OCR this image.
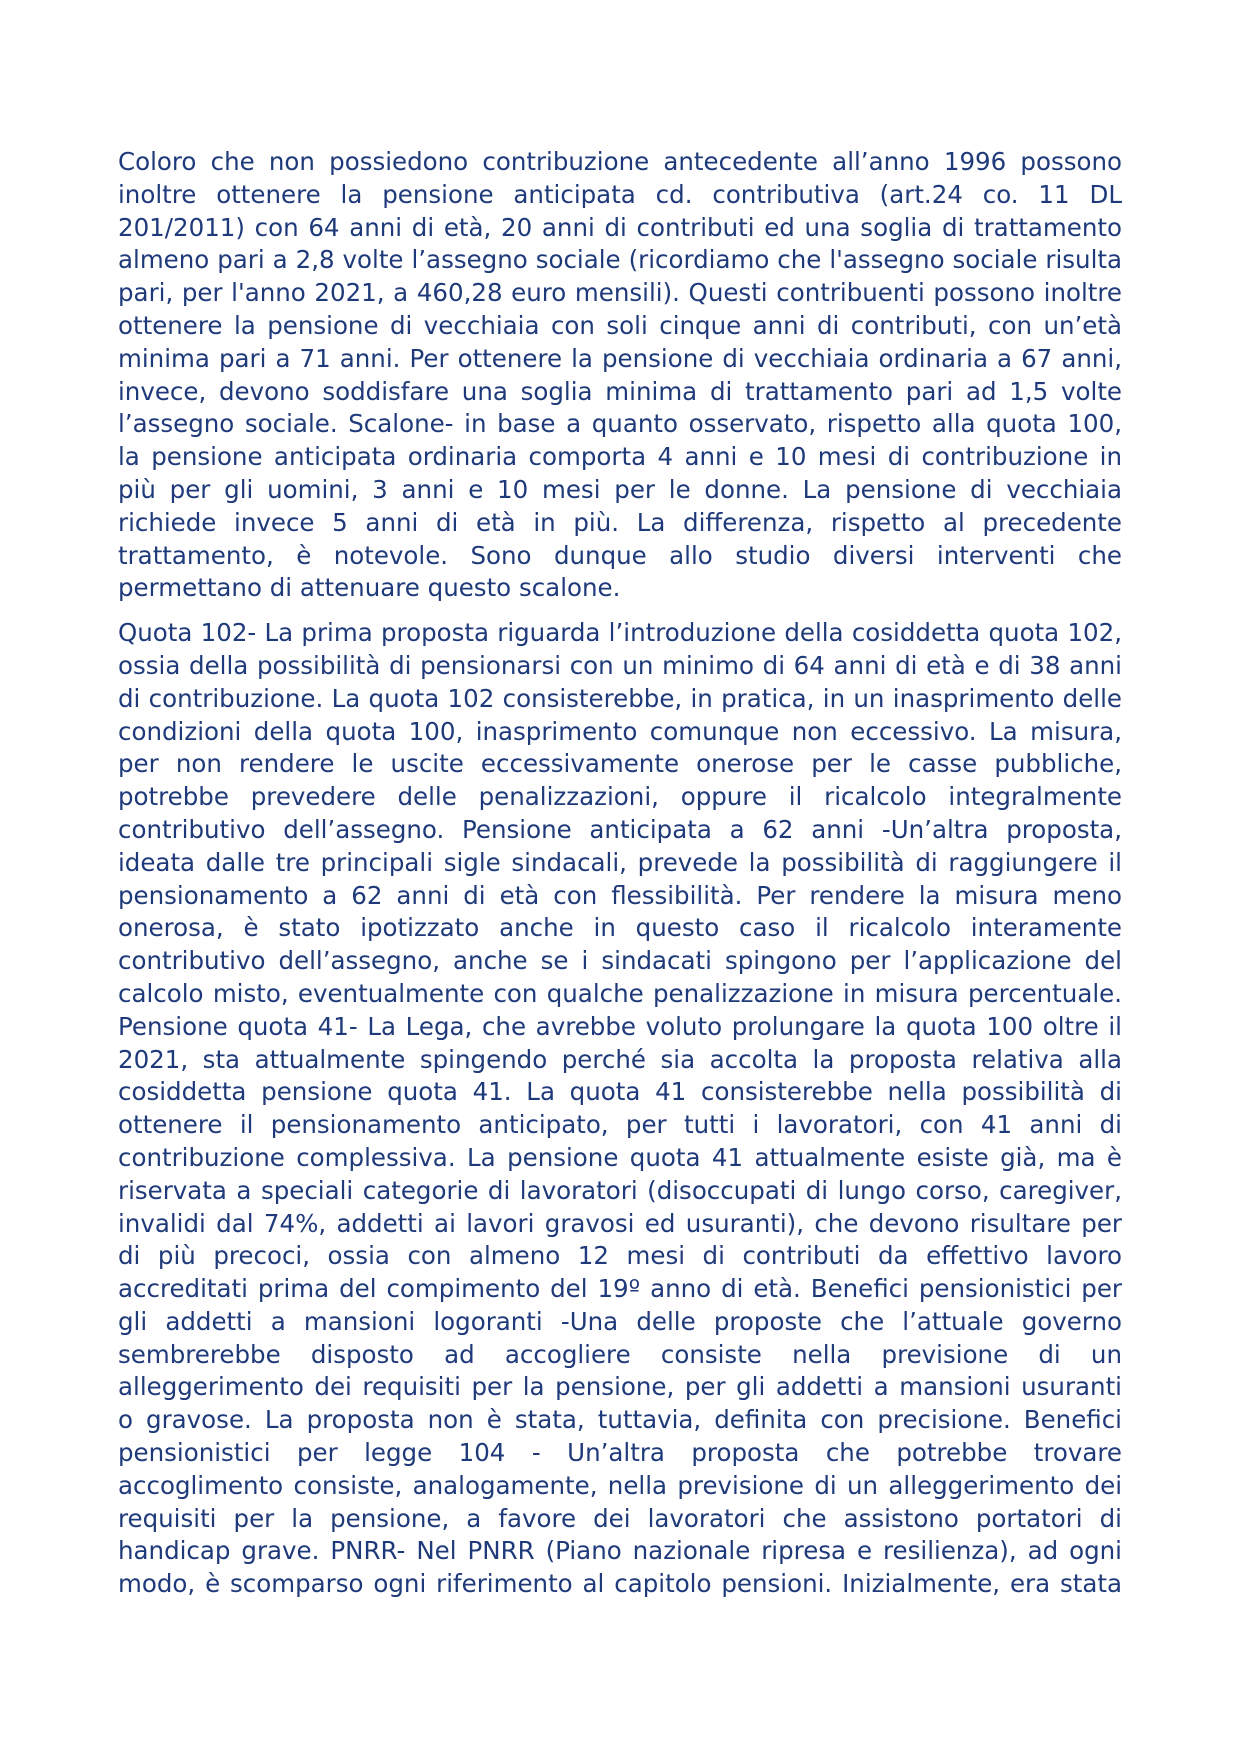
Coloro che non possiedono contribuzione antecedente all’anno 1996 possono
inoltre ottenere la pensione anticipata cd. contributiva (art.24 co. 11 DL
201/2011) con 64 anni di età, 20 anni di contributi ed una soglia di trattamento
almeno pari a 2,8 volte l’assegno sociale (ricordiamo che l'assegno sociale risulta
pari, per l'anno 2021, a 460,28 euro mensili). Questi contribuenti possono inoltre
ottenere la pensione di vecchiaia con soli cinque anni di contributi, con un’età
minima pari a 71 anni. Per ottenere la pensione di vecchiaia ordinaria a 67 anni,
invece, devono soddisfare una soglia minima di trattamento pari ad 1,5 volte
l’assegno sociale. Scalone- in base a quanto osservato, rispetto alla quota 100,
la pensione anticipata ordinaria comporta 4 anni e 10 mesi di contribuzione in
più per gli uomini, 3 anni e 10 mesi per le donne. La pensione di vecchiaia
richiede invece 5 anni di età in più. La differenza, rispetto al precedente
trattamento, è notevole. Sono dunque allo studio diversi interventi che
permettano di attenuare questo scalone.
Quota 102- La prima proposta riguarda l’introduzione della cosiddetta quota 102,
ossia della possibilità di pensionarsi con un minimo di 64 anni di età e di 38 anni
di contribuzione. La quota 102 consisterebbe, in pratica, in un inasprimento delle
condizioni della quota 100, inasprimento comunque non eccessivo. La misura,
per non rendere le uscite eccessivamente onerose per le casse pubbliche,
potrebbe prevedere delle penalizzazioni, oppure il ricalcolo integralmente
contributivo dell’assegno. Pensione anticipata a 62 anni -Un’altra proposta,
ideata dalle tre principali sigle sindacali, prevede la possibilità di raggiungere il
pensionamento a 62 anni di età con flessibilità. Per rendere la misura meno
onerosa, è stato ipotizzato anche in questo caso il ricalcolo interamente
contributivo dell’assegno, anche se i sindacati spingono per l’applicazione del
calcolo misto, eventualmente con qualche penalizzazione in misura percentuale.
Pensione quota 41- La Lega, che avrebbe voluto prolungare la quota 100 oltre il
2021, sta attualmente spingendo perché sia accolta la proposta relativa alla
cosiddetta pensione quota 41. La quota 41 consisterebbe nella possibilità di
ottenere il pensionamento anticipato, per tutti i lavoratori, con 41 anni di
contribuzione complessiva. La pensione quota 41 attualmente esiste già, ma è
riservata a speciali categorie di lavoratori (disoccupati di lungo corso, caregiver,
invalidi dal 74%, addetti ai lavori gravosi ed usuranti), che devono risultare per
di più precoci, ossia con almeno 12 mesi di contributi da effettivo lavoro
accreditati prima del compimento del 19º anno di età. Benefici pensionistici per
gli addetti a mansioni logoranti -Una delle proposte che l’attuale governo
sembrerebbe disposto ad accogliere consiste nella previsione di un
alleggerimento dei requisiti per la pensione, per gli addetti a mansioni usuranti
o gravose. La proposta non è stata, tuttavia, definita con precisione. Benefici
pensionistici per legge 104 - Un’altra proposta che potrebbe trovare
accoglimento consiste, analogamente, nella previsione di un alleggerimento dei
requisiti per la pensione, a favore dei lavoratori che assistono portatori di
handicap grave. PNRR- Nel PNRR (Piano nazionale ripresa e resilienza), ad ogni
modo, è scomparso ogni riferimento al capitolo pensioni. Inizialmente, era stata
